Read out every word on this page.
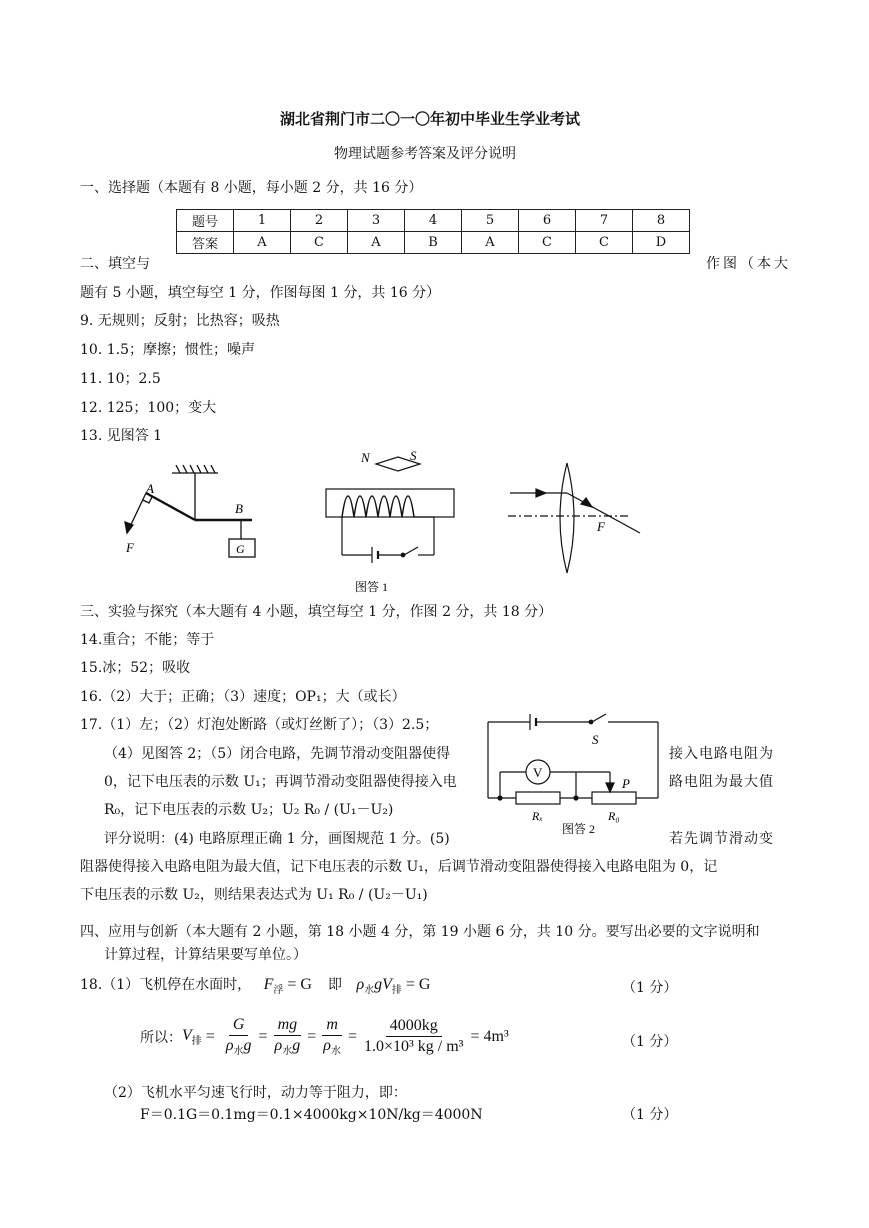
湖北省荆门市二〇一〇年初中毕业生学业考试
物理试题参考答案及评分说明
一、选择题（本题有 8 小题，每小题 2 分，共 16 分）
题号	1	2	3	4	5	6	7	8
答案	A	C	A	B	A	C	C	D
二、填空与	作图（本大
题有 5 小题，填空每空 1 分，作图每图 1 分，共 16 分）
9. 无规则；反射；比热容；吸热
10. 1.5；摩擦；惯性；噪声
11. 10；2.5
12. 125；100；变大
13. 见图答 1
A
B
F	G
N	S
F
图答 1
三、实验与探究（本大题有 4 小题，填空每空 1 分，作图 2 分，共 18 分）
14.重合；不能；等于
15.冰；52；吸收
16.（2）大于；正确；（3）速度；OP₁；大（或长）
17.（1）左；（2）灯泡处断路（或灯丝断了）；（3）2.5；
（4）见图答 2；（5）闭合电路，先调节滑动变阻器使得	接入电路电阻为
0，记下电压表的示数 U₁；再调节滑动变阻器使得接入电	路电阻为最大值
R₀，记下电压表的示数 U₂；U₂ R₀ / (U₁－U₂)
评分说明：(4) 电路原理正确 1 分，画图规范 1 分。(5)	若先调节滑动变
阻器使得接入电路电阻为最大值，记下电压表的示数 U₁，后调节滑动变阻器使得接入电路电阻为 0，记
下电压表的示数 U₂，则结果表达式为 U₁ R₀ / (U₂－U₁)
S
V
P
Rₓ	R₀
图答 2
四、应用与创新（本大题有 2 小题，第 18 小题 4 分，第 19 小题 6 分，共 10 分。要写出必要的文字说明和
计算过程，计算结果要写单位。）
18.（1）飞机停在水面时， $F_浮 = G$ 即 $\rho_水gV_排 = G$	（1 分）
所以： $V_排 = \frac{G}{\rho_水g} = \frac{mg}{\rho_水g} = \frac{m}{\rho_水} = \frac{4000kg}{\text{1.0×10³ kg / m³}} = 4m^3$	（1 分）
（2）飞机水平匀速飞行时，动力等于阻力，即：
F＝0.1G＝0.1mg＝0.1×4000kg×10N/kg＝4000N	（1 分）
